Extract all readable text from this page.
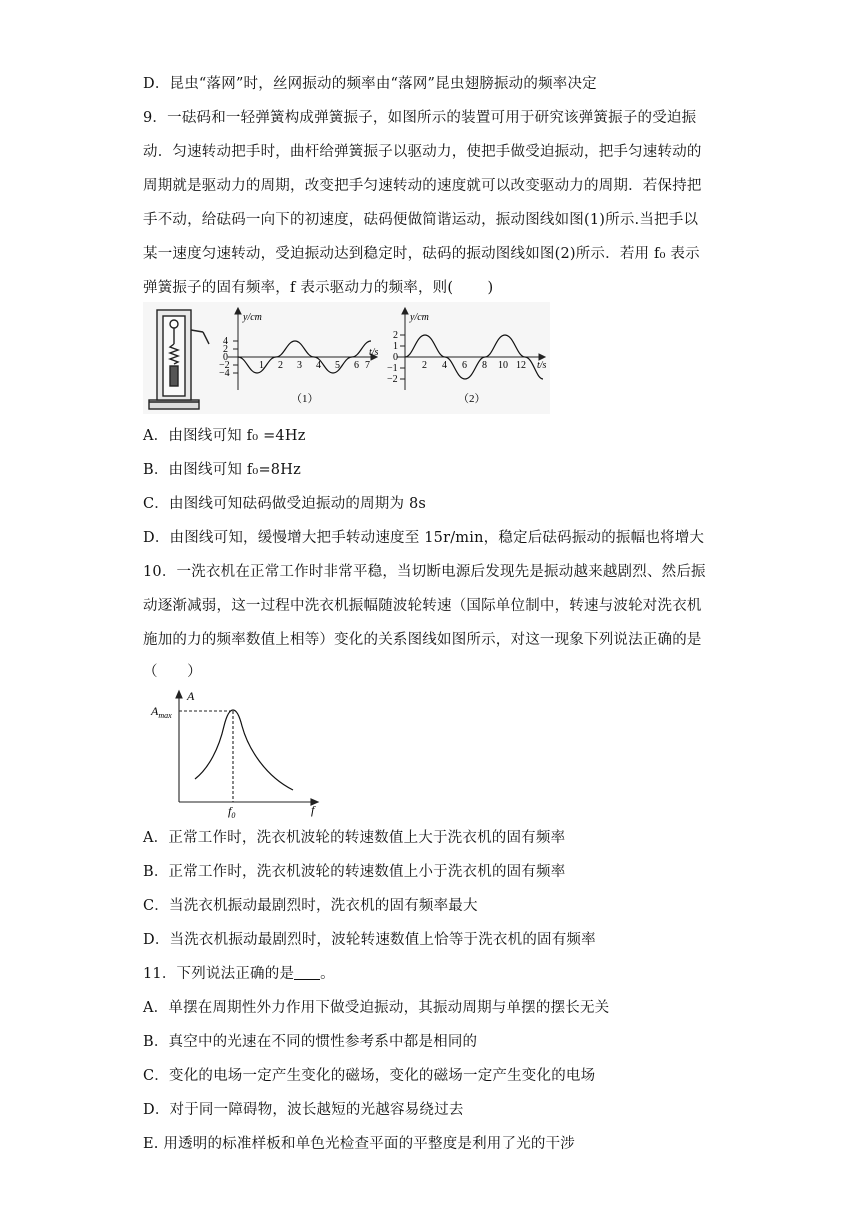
D．昆虫“落网”时，丝网振动的频率由“落网”昆虫翅膀振动的频率决定
9．一砝码和一轻弹簧构成弹簧振子，如图所示的装置可用于研究该弹簧振子的受迫振
动．匀速转动把手时，曲杆给弹簧振子以驱动力，使把手做受迫振动，把手匀速转动的
周期就是驱动力的周期，改变把手匀速转动的速度就可以改变驱动力的周期．若保持把
手不动，给砝码一向下的初速度，砝码便做简谐运动，振动图线如图(1)所示.当把手以
某一速度匀速转动，受迫振动达到稳定时，砝码的振动图线如图(2)所示．若用 f₀ 表示
弹簧振子的固有频率，f 表示驱动力的频率，则(　　 )
y/cm
4
2
0
−2
−4
1 2 3 4 5 6 7
t/s
（1）
y/cm
2
1
0
−1
−2
2 4 6 8 10 12 t/s
（2）
A．由图线可知 f₀ =4Hz
B．由图线可知 f₀=8Hz
C．由图线可知砝码做受迫振动的周期为 8s
D．由图线可知，缓慢增大把手转动速度至 15r/min，稳定后砝码振动的振幅也将增大
10．一洗衣机在正常工作时非常平稳，当切断电源后发现先是振动越来越剧烈、然后振
动逐渐减弱，这一过程中洗衣机振幅随波轮转速（国际单位制中，转速与波轮对洗衣机
施加的力的频率数值上相等）变化的关系图线如图所示，对这一现象下列说法正确的是
（　　）
A
$A_{max}$
f
$f_0$
A．正常工作时，洗衣机波轮的转速数值上大于洗衣机的固有频率
B．正常工作时，洗衣机波轮的转速数值上小于洗衣机的固有频率
C．当洗衣机振动最剧烈时，洗衣机的固有频率最大
D．当洗衣机振动最剧烈时，波轮转速数值上恰等于洗衣机的固有频率
11．下列说法正确的是 。
A．单摆在周期性外力作用下做受迫振动，其振动周期与单摆的摆长无关
B．真空中的光速在不同的惯性参考系中都是相同的
C．变化的电场一定产生变化的磁场，变化的磁场一定产生变化的电场
D．对于同一障碍物，波长越短的光越容易绕过去
E. 用透明的标准样板和单色光检查平面的平整度是利用了光的干涉
